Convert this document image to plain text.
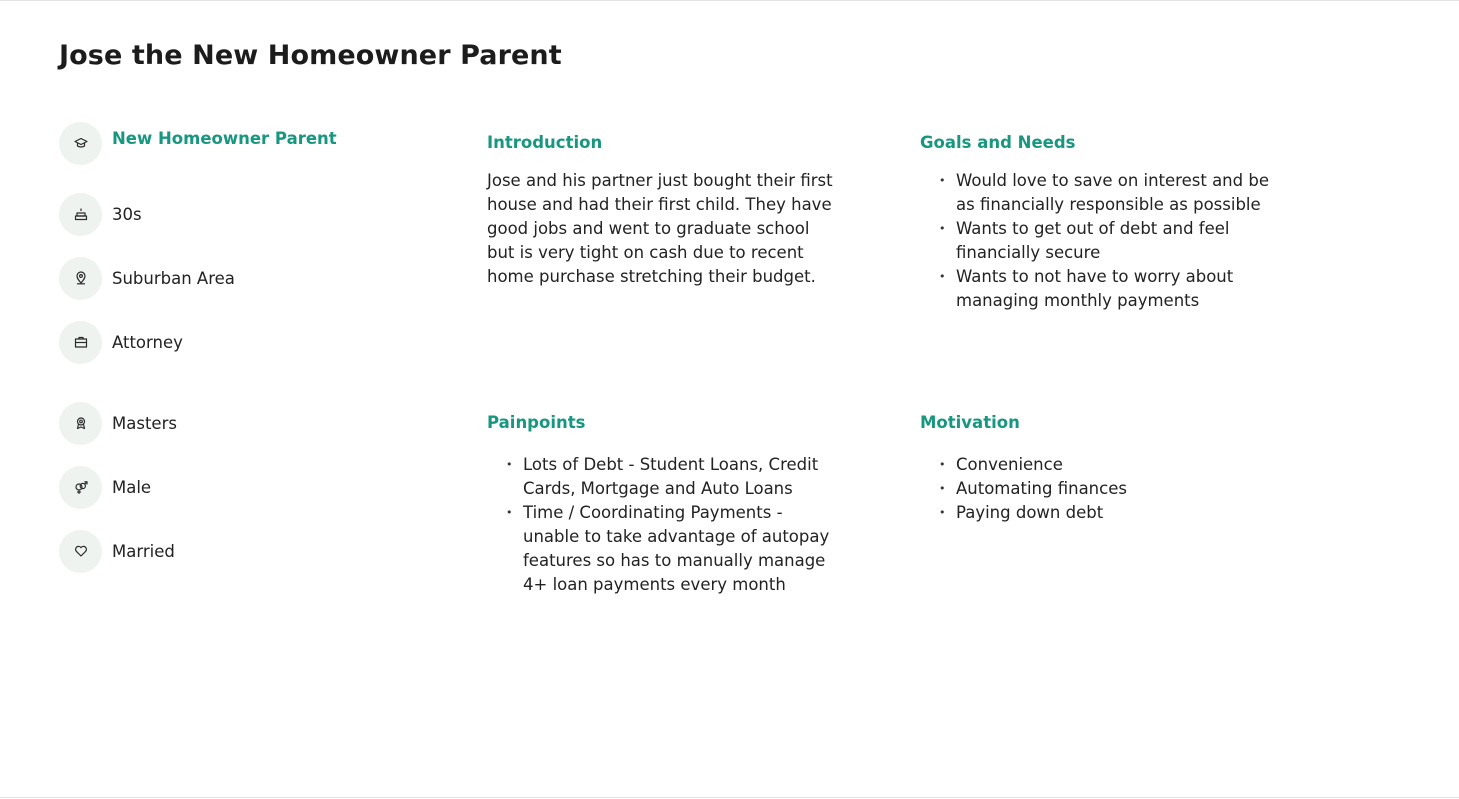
Jose the New Homeowner Parent
New Homeowner Parent
30s
Suburban Area
Attorney
Masters
Male
Married
Introduction

Jose and his partner just bought their first house and had their first child. They have good jobs and went to graduate school but is very tight on cash due to recent home purchase stretching their budget.

Goals and Needs
• Would love to save on interest and be as financially responsible as possible
• Wants to get out of debt and feel financially secure
• Wants to not have to worry about managing monthly payments
Painpoints
• Lots of Debt - Student Loans, Credit Cards, Mortgage and Auto Loans
• Time / Coordinating Payments - unable to take advantage of autopay features so has to manually manage 4+ loan payments every month
Motivation
• Convenience
• Automating finances
• Paying down debt
